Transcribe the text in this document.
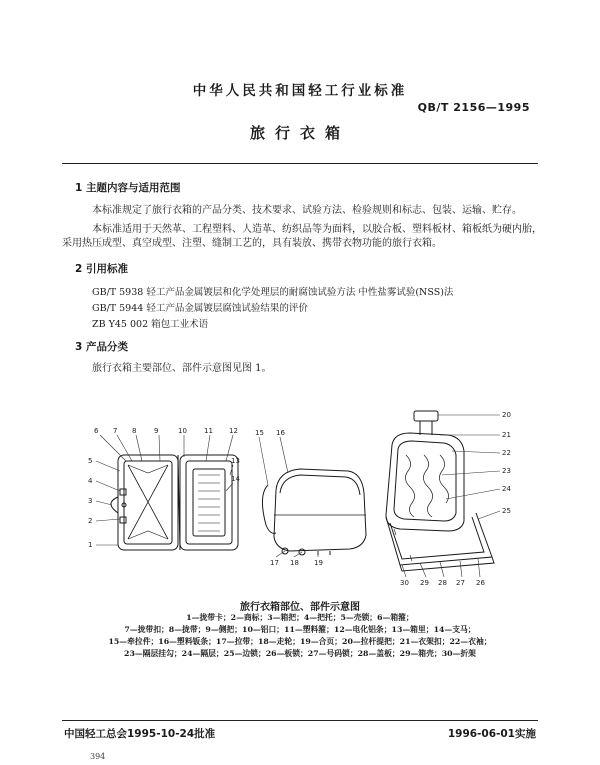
中华人民共和国轻工行业标准
QB/T 2156—1995
旅行衣箱
1 主题内容与适用范围
本标准规定了旅行衣箱的产品分类、技术要求、试验方法、检验规则和标志、包装、运输、贮存。
本标准适用于天然革、工程塑料、人造革、纺织品等为面料，以胶合板、塑料板材、箱板纸为硬内胎，
采用热压成型、真空成型、注塑、缝制工艺的，具有装放、携带衣物功能的旅行衣箱。
2 引用标准
GB/T 5938 轻工产品金属镀层和化学处理层的耐腐蚀试验方法 中性盐雾试验(NSS)法
GB/T 5944 轻工产品金属镀层腐蚀试验结果的评价
ZB Y45 002 箱包工业术语
3 产品分类
旅行衣箱主要部位、部件示意图见图 1。
6 7 8	9	10 11 12
5	13
4	14
3
2
1
15 16
17 18 19
20
21
22
23
24
25
30 29 28 27 26
旅行衣箱部位、部件示意图
1—拢带卡；2—商标；3—箱把；4—把托；5—壳锁；6—箱箍；
7—拢带扣；8—拢带；9—侧把；10—铝口；11—塑料箍；12—电化铝条；13—箱里；14—支马；
15—牵拉件；16—塑料钣条；17—拉带；18—走轮；19—合页；20—拉杆提把；21—衣架扣；22—衣袖；
23—隔层挂勾；24—隔层；25—边锁；26—板锁；27—号码锁；28—盖板；29—箱壳；30—折架
中国轻工总会1995-10-24批准	1996-06-01实施
394
